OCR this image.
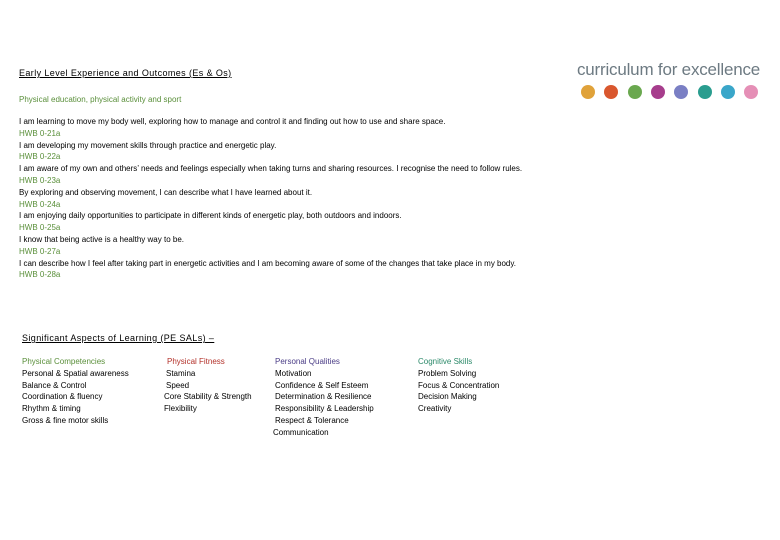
Early Level Experience and Outcomes (Es & Os)
Physical education, physical activity and sport
curriculum for excellence
I am learning to move my body well, exploring how to manage and control it and finding out how to use and share space.
HWB 0-21a
I am developing my movement skills through practice and energetic play.
HWB 0-22a
I am aware of my own and others’ needs and feelings especially when taking turns and sharing resources. I recognise the need to follow rules.
HWB 0-23a
By exploring and observing movement, I can describe what I have learned about it.
HWB 0-24a
I am enjoying daily opportunities to participate in different kinds of energetic play, both outdoors and indoors.
HWB 0-25a
I know that being active is a healthy way to be.
HWB 0-27a
I can describe how I feel after taking part in energetic activities and I am becoming aware of some of the changes that take place in my body.
HWB 0-28a
Significant Aspects of Learning (PE SALs) –
Physical Competencies
Personal & Spatial awareness
Balance & Control
Coordination & fluency
Rhythm & timing
Gross & fine motor skills
Physical Fitness
Stamina
Speed
Core Stability & Strength
Flexibility
Personal Qualities
Motivation
Confidence & Self Esteem
Determination & Resilience
Responsibility & Leadership
Respect & Tolerance
Communication
Cognitive Skills
Problem Solving
Focus & Concentration
Decision Making
Creativity
